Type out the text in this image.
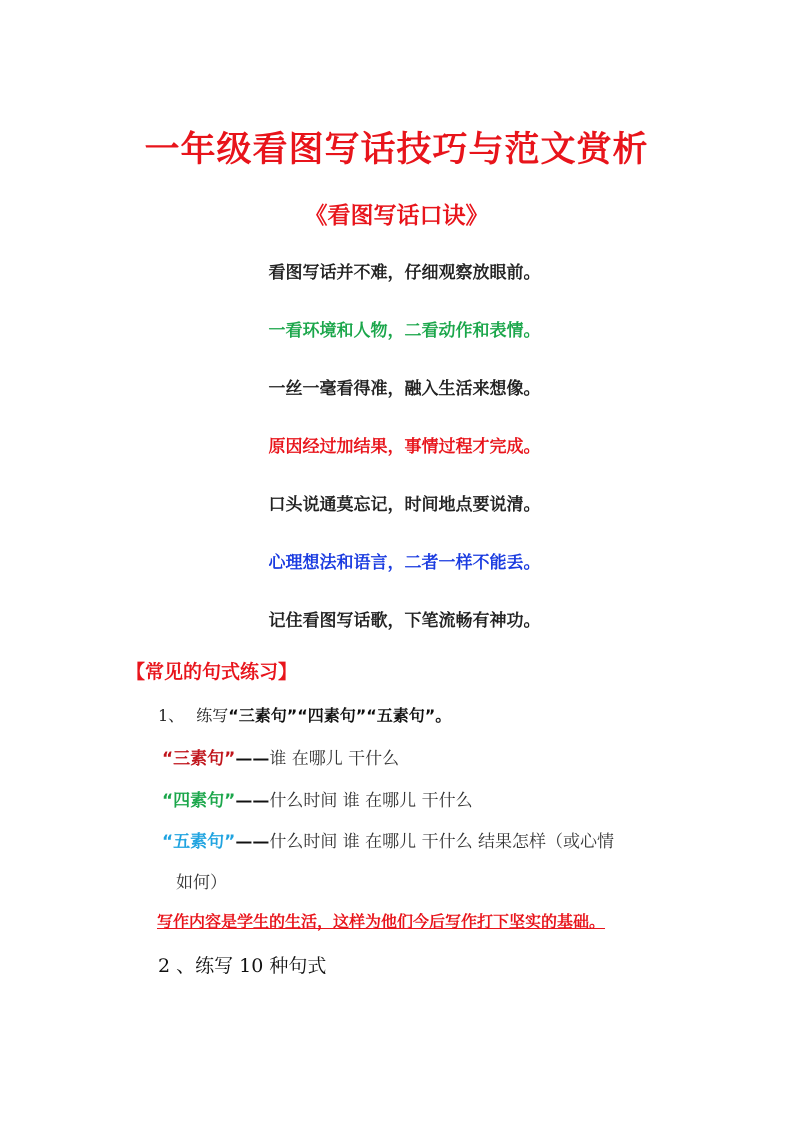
一年级看图写话技巧与范文赏析
《看图写话口诀》
看图写话并不难，仔细观察放眼前。
一看环境和人物，二看动作和表情。
一丝一毫看得准，融入生活来想像。
原因经过加结果，事情过程才完成。
口头说通莫忘记，时间地点要说清。
心理想法和语言，二者一样不能丢。
记住看图写话歌，下笔流畅有神功。
【常见的句式练习】
1、 练写“三素句”“四素句”“五素句”。
“三素句”——谁 在哪儿 干什么
“四素句”——什么时间 谁 在哪儿 干什么
“五素句”——什么时间 谁 在哪儿 干什么 结果怎样（或心情
如何）
写作内容是学生的生活，这样为他们今后写作打下坚实的基础。
2 、练写 10 种句式
